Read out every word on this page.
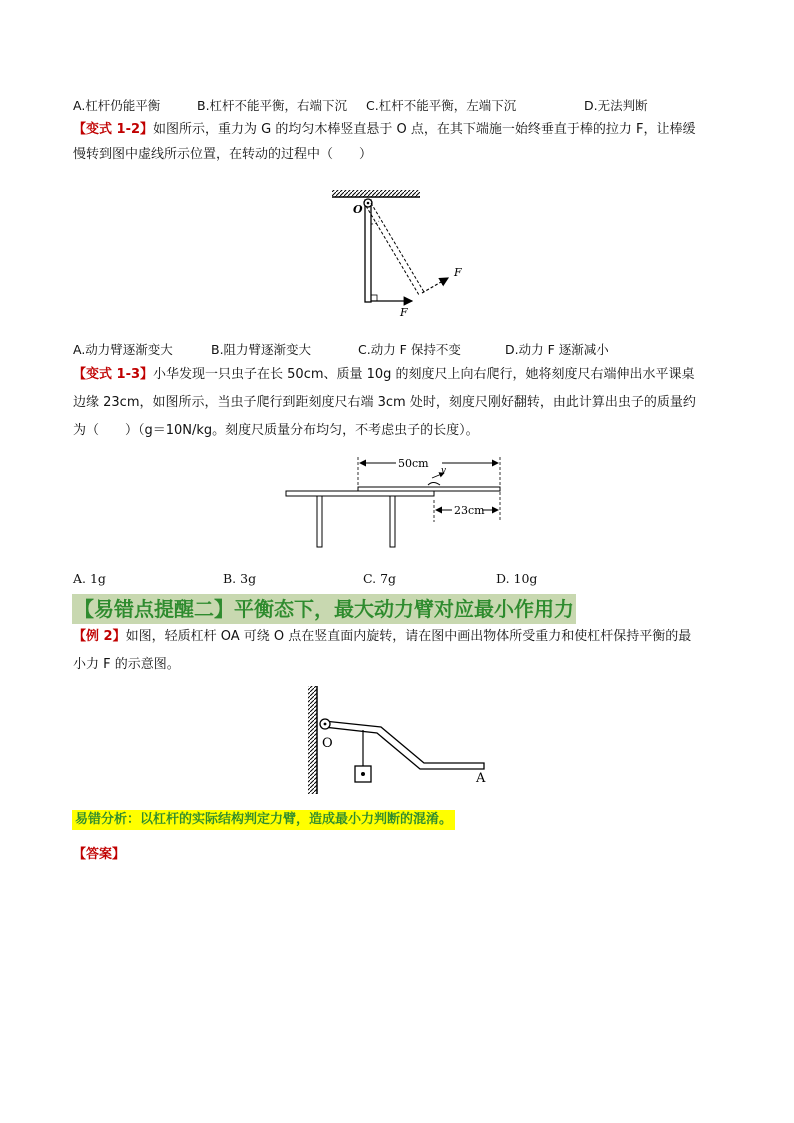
A.杠杆仍能平衡	B.杠杆不能平衡，右端下沉 C.杠杆不能平衡，左端下沉	D.无法判断
【变式 1-2】如图所示，重力为 G 的均匀木棒竖直悬于 O 点，在其下端施一始终垂直于棒的拉力 F，让棒缓
慢转到图中虚线所示位置，在转动的过程中（　　）
O
F
F
A.动力臂逐渐变大	B.阻力臂逐渐变大	C.动力 F 保持不变	D.动力 F 逐渐减小
【变式 1-3】小华发现一只虫子在长 50cm、质量 10g 的刻度尺上向右爬行，她将刻度尺右端伸出水平课桌
边缘 23cm，如图所示，当虫子爬行到距刻度尺右端 3cm 处时，刻度尺刚好翻转，由此计算出虫子的质量约
为（　　）（g＝10N/kg。刻度尺质量分布均匀，不考虑虫子的长度）。
50cm
v
23cm
A. 1g	B. 3g	C. 7g	D. 10g
【易错点提醒二】平衡态下，最大动力臂对应最小作用力
【例 2】如图，轻质杠杆 OA 可绕 O 点在竖直面内旋转，请在图中画出物体所受重力和使杠杆保持平衡的最
小力 F 的示意图。
O
A
易错分析：以杠杆的实际结构判定力臂，造成最小力判断的混淆。
【答案】
